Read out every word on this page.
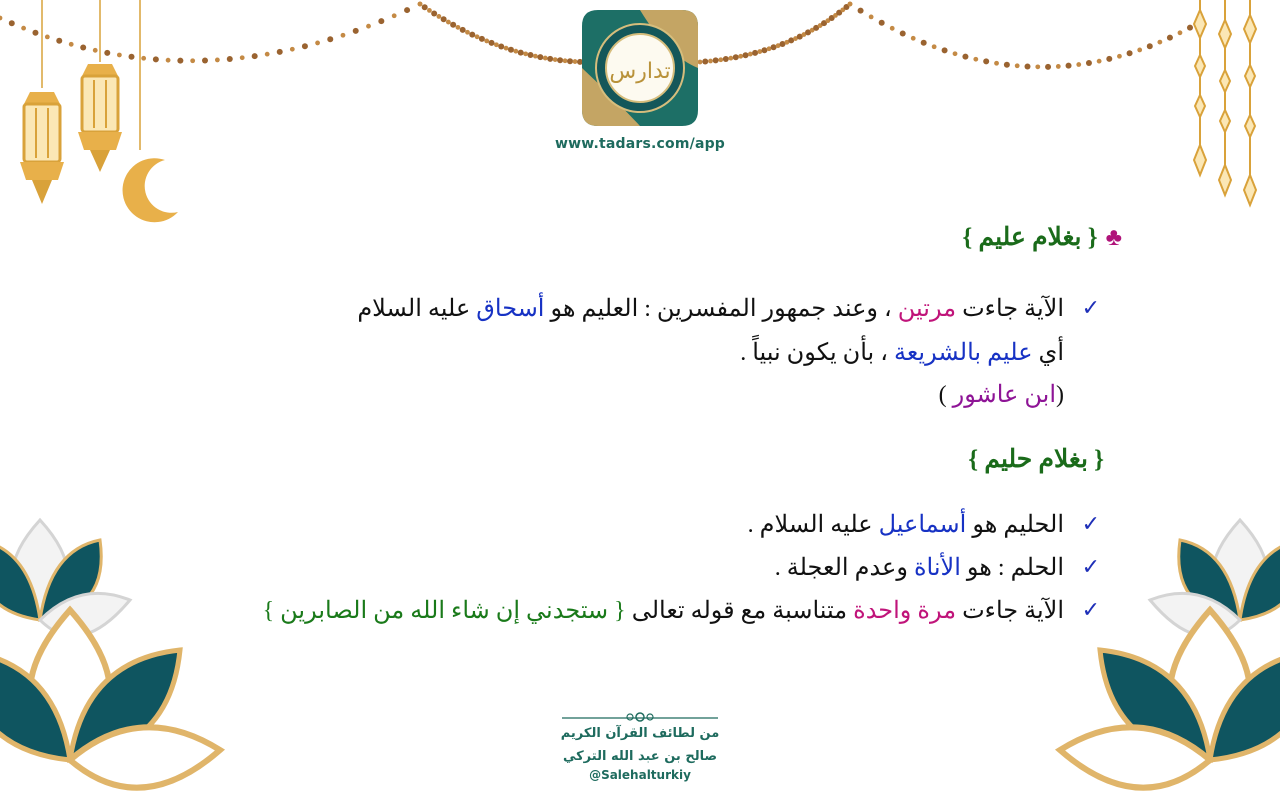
تدارس
www.tadars.com/app
♣{ بغلام عليم }
✓
الآية جاءت مرتين ، وعند جمهور المفسرين : العليم هو أسحاق عليه السلام
أي عليم بالشريعة ، بأن يكون نبياً .
(ابن عاشور )
{ بغلام حليم }
✓
الحليم هو أسماعيل عليه السلام .
✓
الحلم : هو الأناة وعدم العجلة .
✓
الآية جاءت مرة واحدة متناسبة مع قوله تعالى { ستجدني إن شاء الله من الصابرين }
من لطائف القرآن الكريم
صالح بن عبد الله التركي
@Salehalturkiy
